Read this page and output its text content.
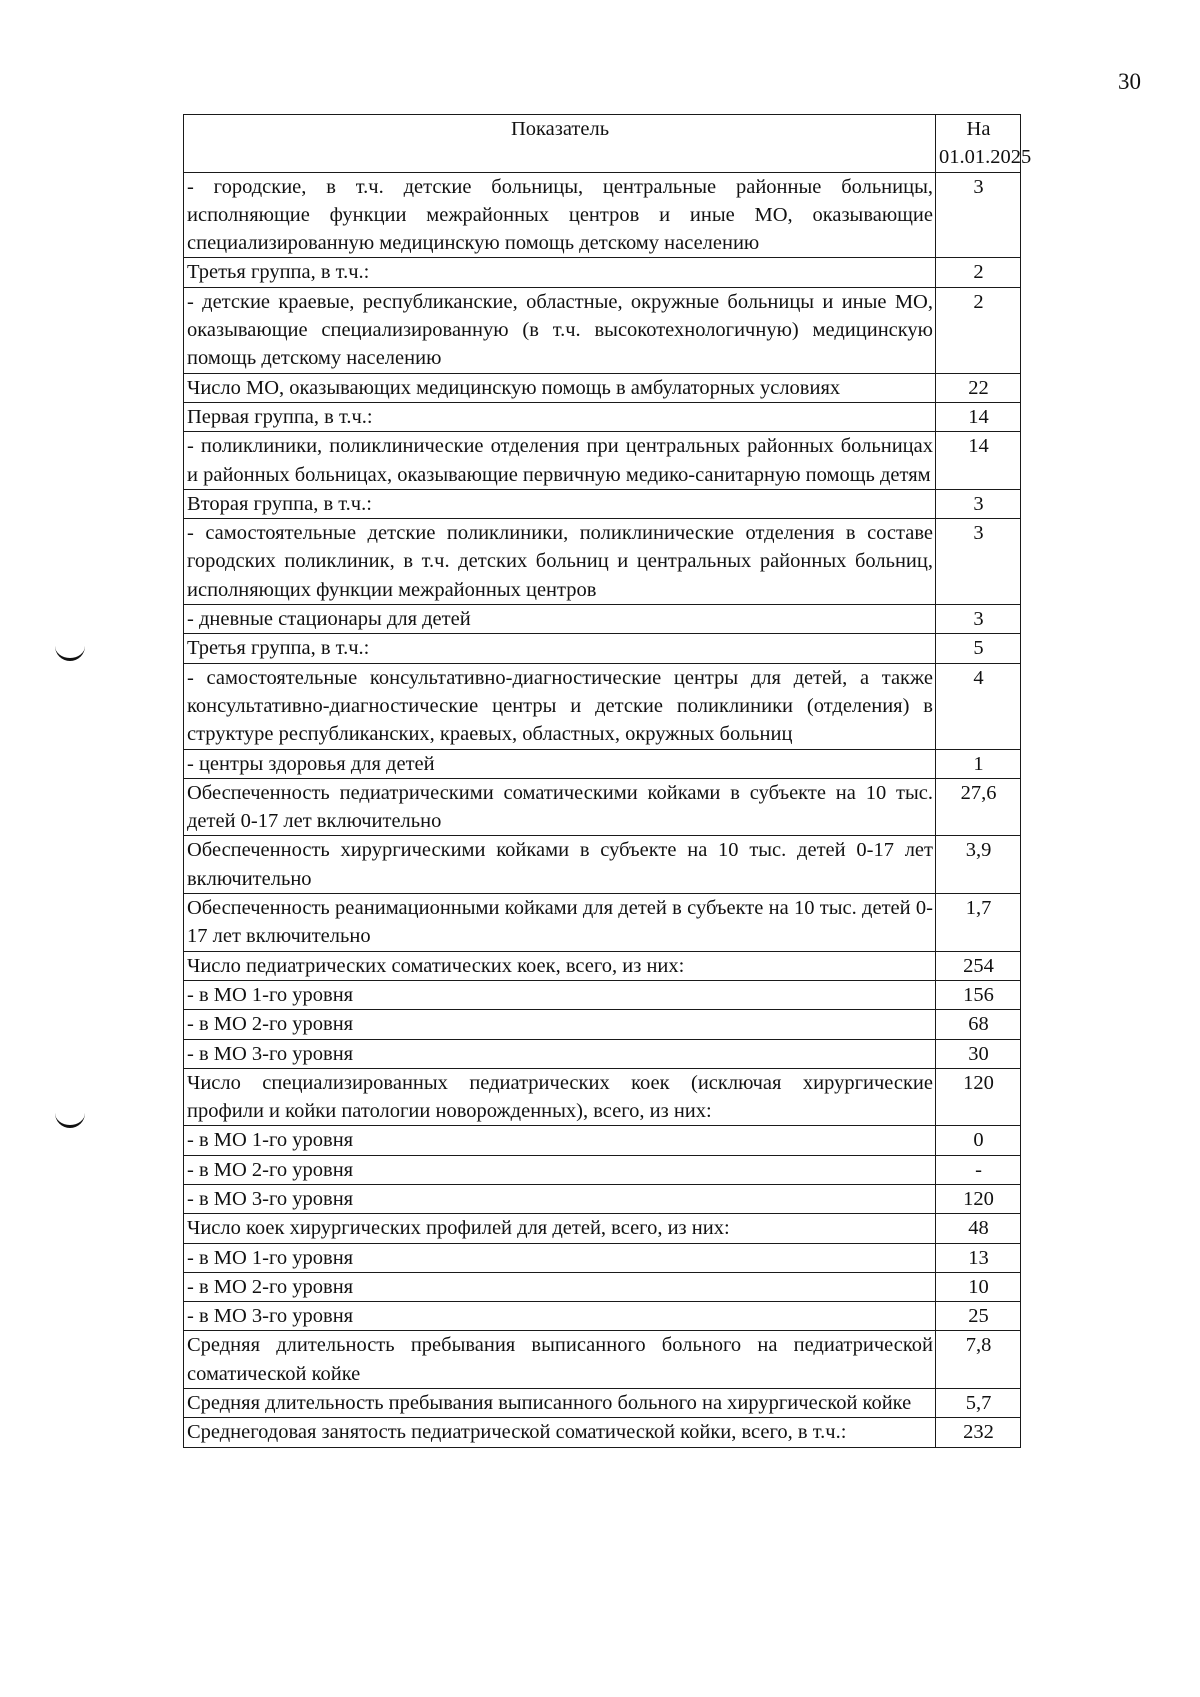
30
Показатель	На 01.01.2025
- городские, в т.ч. детские больницы, центральные районные больницы, исполняющие функции межрайонных центров и иные МО, оказывающие специализированную медицинскую помощь детскому населению	3
Третья группа, в т.ч.:	2
- детские краевые, республиканские, областные, окружные больницы и иные МО, оказывающие специализированную (в т.ч. высокотехнологичную) медицинскую помощь детскому населению	2
Число МО, оказывающих медицинскую помощь в амбулаторных условиях	22
Первая группа, в т.ч.:	14
- поликлиники, поликлинические отделения при центральных районных больницах и районных больницах, оказывающие первичную медико-санитарную помощь детям	14
Вторая группа, в т.ч.:	3
- самостоятельные детские поликлиники, поликлинические отделения в составе городских поликлиник, в т.ч. детских больниц и центральных районных больниц, исполняющих функции межрайонных центров	3
- дневные стационары для детей	3
Третья группа, в т.ч.:	5
- самостоятельные консультативно-диагностические центры для детей, а также консультативно-диагностические центры и детские поликлиники (отделения) в структуре республиканских, краевых, областных, окружных больниц	4
- центры здоровья для детей	1
Обеспеченность педиатрическими соматическими койками в субъекте на 10 тыс. детей 0-17 лет включительно	27,6
Обеспеченность хирургическими койками в субъекте на 10 тыс. детей 0-17 лет включительно	3,9
Обеспеченность реанимационными койками для детей в субъекте на 10 тыс. детей 0-17 лет включительно	1,7
Число педиатрических соматических коек, всего, из них:	254
- в МО 1-го уровня	156
- в МО 2-го уровня	68
- в МО 3-го уровня	30
Число специализированных педиатрических коек (исключая хирургические профили и койки патологии новорожденных), всего, из них:	120
- в МО 1-го уровня	0
- в МО 2-го уровня	-
- в МО 3-го уровня	120
Число коек хирургических профилей для детей, всего, из них:	48
- в МО 1-го уровня	13
- в МО 2-го уровня	10
- в МО 3-го уровня	25
Средняя длительность пребывания выписанного больного на педиатрической соматической койке	7,8
Средняя длительность пребывания выписанного больного на хирургической койке	5,7
Среднегодовая занятость педиатрической соматической койки, всего, в т.ч.:	232
